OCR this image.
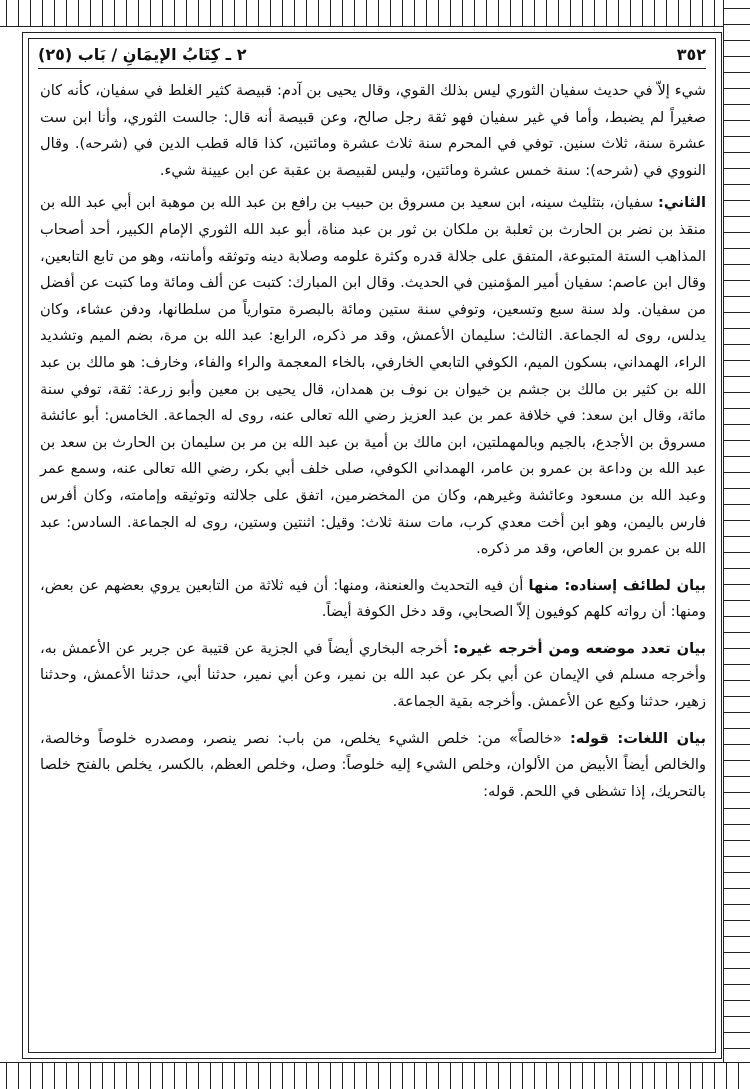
٣٥٢
٢ ـ كِتَابُ الإيمَانِ / بَاب (٢٥)

شيء إلاّ في حديث سفيان الثوري ليس بذلك القوي، وقال يحيى بن آدم: قبيصة كثير الغلط في سفيان، كأنه كان صغيراً لم يضبط، وأما في غير سفيان فهو ثقة رجل صالح، وعن قبيصة أنه قال: جالست الثوري، وأنا ابن ست عشرة سنة، ثلاث سنين. توفي في المحرم سنة ثلاث عشرة ومائتين، كذا قاله قطب الدين في (شرحه). وقال النووي في (شرحه): سنة خمس عشرة ومائتين، وليس لقبيصة بن عقبة عن ابن عيينة شيء.

الثاني: سفيان، بتثليث سينه، ابن سعيد بن مسروق بن حبيب بن رافع بن عبد الله بن موهبة ابن أبي عبد الله بن منقذ بن نضر بن الحارث بن ثعلبة بن ملكان بن ثور بن عبد مناة، أبو عبد الله الثوري الإمام الكبير، أحد أصحاب المذاهب الستة المتبوعة، المتفق على جلالة قدره وكثرة علومه وصلابة دينه وتوثقه وأمانته، وهو من تابع التابعين، وقال ابن عاصم: سفيان أمير المؤمنين في الحديث. وقال ابن المبارك: كتبت عن ألف ومائة وما كتبت عن أفضل من سفيان. ولد سنة سبع وتسعين، وتوفي سنة ستين ومائة بالبصرة متوارياً من سلطانها، ودفن عشاء، وكان يدلس، روى له الجماعة. الثالث: سليمان الأعمش، وقد مر ذكره، الرابع: عبد الله بن مرة، بضم الميم وتشديد الراء، الهمداني، بسكون الميم، الكوفي التابعي الخارفي، بالخاء المعجمة والراء والفاء، وخارف: هو مالك بن عبد الله بن كثير بن مالك بن جشم بن خيوان بن نوف بن همدان، قال يحيى بن معين وأبو زرعة: ثقة، توفي سنة مائة، وقال ابن سعد: في خلافة عمر بن عبد العزيز رضي الله تعالى عنه، روى له الجماعة. الخامس: أبو عائشة مسروق بن الأجدع، بالجيم وبالمهملتين، ابن مالك بن أمية بن عبد الله بن مر بن سليمان بن الحارث بن سعد بن عبد الله بن وداعة بن عمرو بن عامر، الهمداني الكوفي، صلى خلف أبي بكر، رضي الله تعالى عنه، وسمع عمر وعبد الله بن مسعود وعائشة وغيرهم، وكان من المخضرمين، اتفق على جلالته وتوثيقه وإمامته، وكان أفرس فارس باليمن، وهو ابن أخت معدي كرب، مات سنة ثلاث: وقيل: اثنتين وستين، روى له الجماعة. السادس: عبد الله بن عمرو بن العاص، وقد مر ذكره.

بيان لطائف إسناده: منها أن فيه التحديث والعنعنة، ومنها: أن فيه ثلاثة من التابعين يروي بعضهم عن بعض، ومنها: أن رواته كلهم كوفيون إلاّ الصحابي، وقد دخل الكوفة أيضاً.

بيان تعدد موضعه ومن أخرجه غيره: أخرجه البخاري أيضاً في الجزية عن قتيبة عن جرير عن الأعمش به، وأخرجه مسلم في الإيمان عن أبي بكر عن عبد الله بن نمير، وعن أبي نمير، حدثنا أبي، حدثنا الأعمش، وحدثنا زهير، حدثنا وكيع عن الأعمش. وأخرجه بقية الجماعة.

بيان اللغات: قوله: «خالصاً» من: خلص الشيء يخلص، من باب: نصر ينصر، ومصدره خلوصاً وخالصة، والخالص أيضاً الأبيض من الألوان، وخلص الشيء إليه خلوصاً: وصل، وخلص العظم، بالكسر، يخلص بالفتح خلصا بالتحريك، إذا تشظى في اللحم. قوله:
